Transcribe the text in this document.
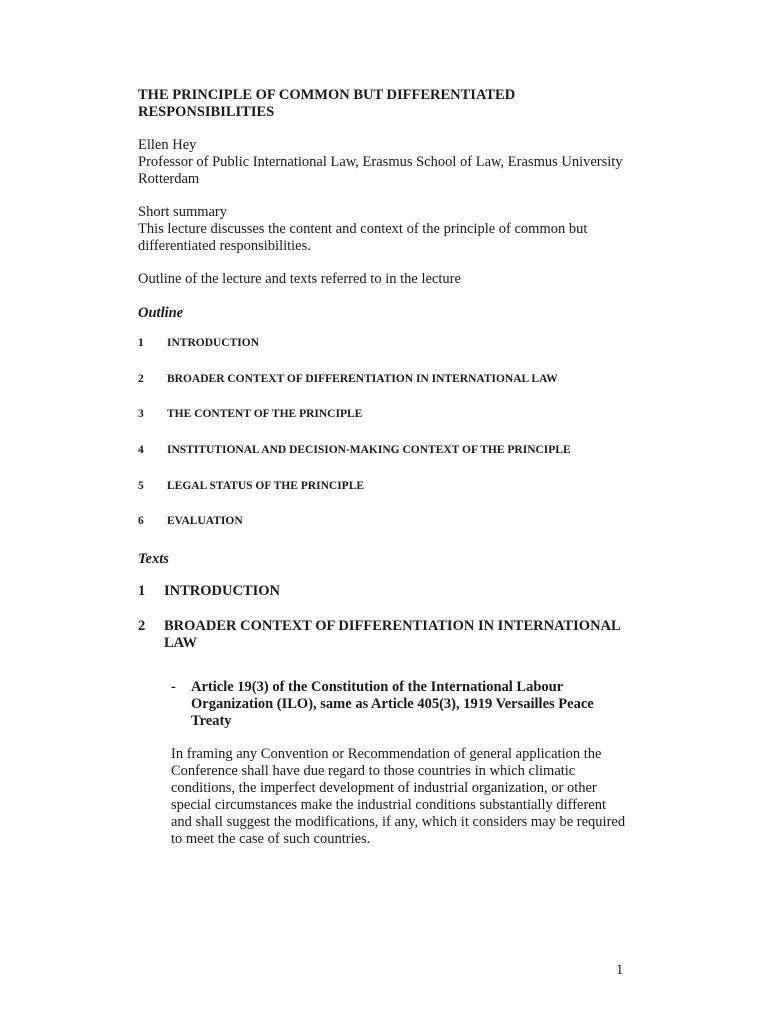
THE PRINCIPLE OF COMMON BUT DIFFERENTIATED RESPONSIBILITIES

Ellen Hey

Professor of Public International Law, Erasmus School of Law, Erasmus University Rotterdam

Short summary

This lecture discusses the content and context of the principle of common but differentiated responsibilities.

Outline of the lecture and texts referred to in the lecture
Outline
1 INTRODUCTION
2 BROADER CONTEXT OF DIFFERENTIATION IN INTERNATIONAL LAW
3 THE CONTENT OF THE PRINCIPLE
4 INSTITUTIONAL AND DECISION-MAKING CONTEXT OF THE PRINCIPLE
5 LEGAL STATUS OF THE PRINCIPLE
6 EVALUATION
Texts
1 INTRODUCTION
2 BROADER CONTEXT OF DIFFERENTIATION IN INTERNATIONAL LAW
- Article 19(3) of the Constitution of the International Labour Organization (ILO), same as Article 405(3), 1919 Versailles Peace Treaty
In framing any Convention or Recommendation of general application the Conference shall have due regard to those countries in which climatic conditions, the imperfect development of industrial organization, or other special circumstances make the industrial conditions substantially different and shall suggest the modifications, if any, which it considers may be required to meet the case of such countries.
1
